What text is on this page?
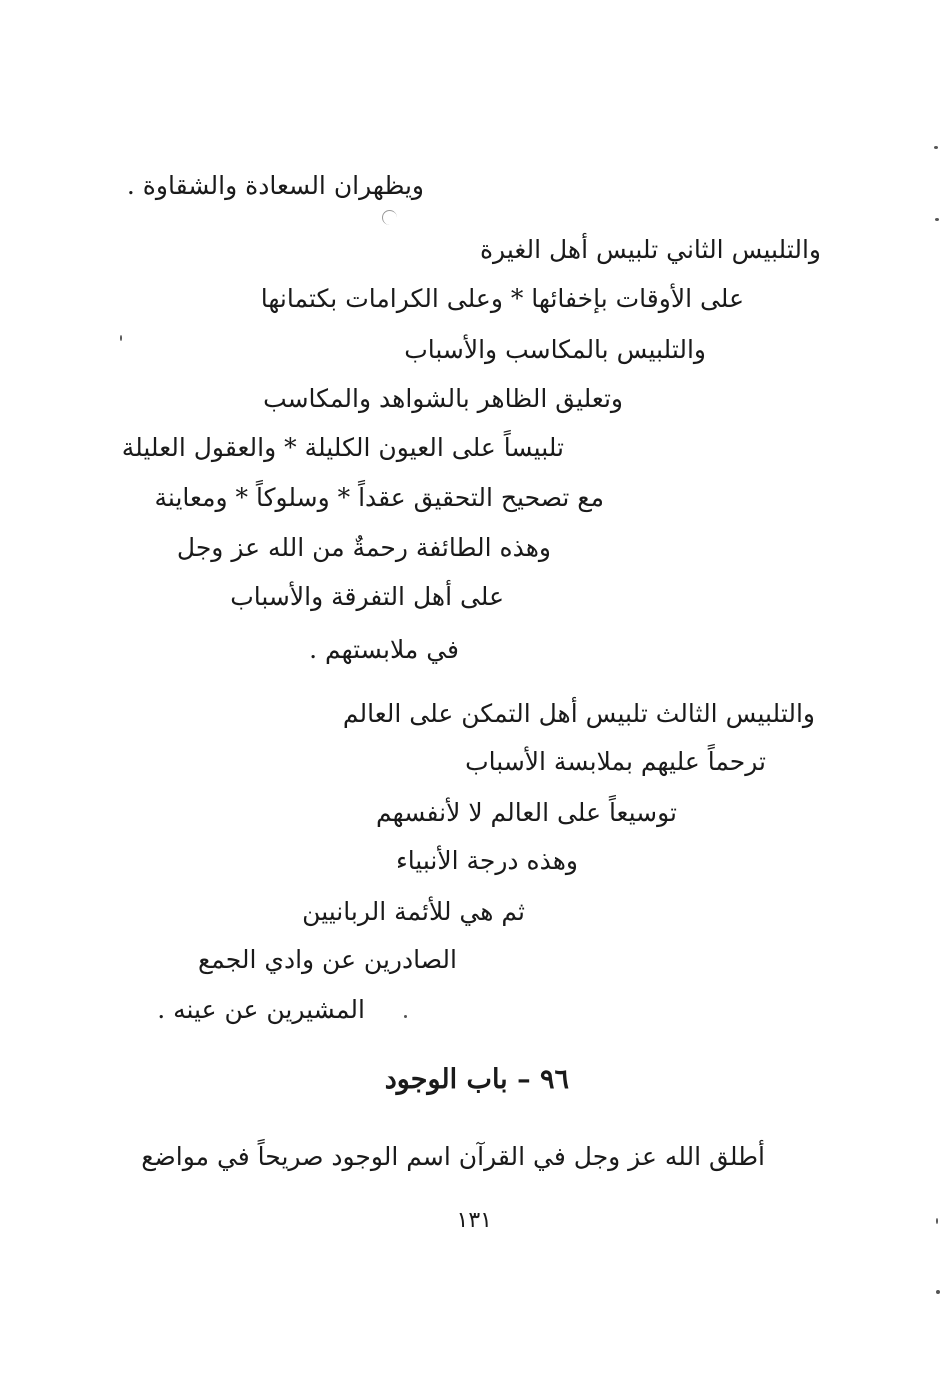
ويظهران السعادة والشقاوة .
والتلبيس الثاني تلبيس أهل الغيرة
على الأوقات بإخفائها * وعلى الكرامات بكتمانها
والتلبيس بالمكاسب والأسباب
وتعليق الظاهر بالشواهد والمكاسب
تلبيساً على العيون الكليلة * والعقول العليلة
مع تصحيح التحقيق عقداً * وسلوكاً * ومعاينة
وهذه الطائفة رحمةٌ من الله عز وجل
على أهل التفرقة والأسباب
في ملابستهم .
والتلبيس الثالث تلبيس أهل التمكن على العالم
ترحماً عليهم بملابسة الأسباب
توسيعاً على العالم لا لأنفسهم
وهذه درجة الأنبياء
ثم هي للأئمة الربانيين
الصادرين عن وادي الجمع
المشيرين عن عينه .
٩٦ – باب الوجود
أطلق الله عز وجل في القرآن اسم الوجود صريحاً في مواضع
١٣١
